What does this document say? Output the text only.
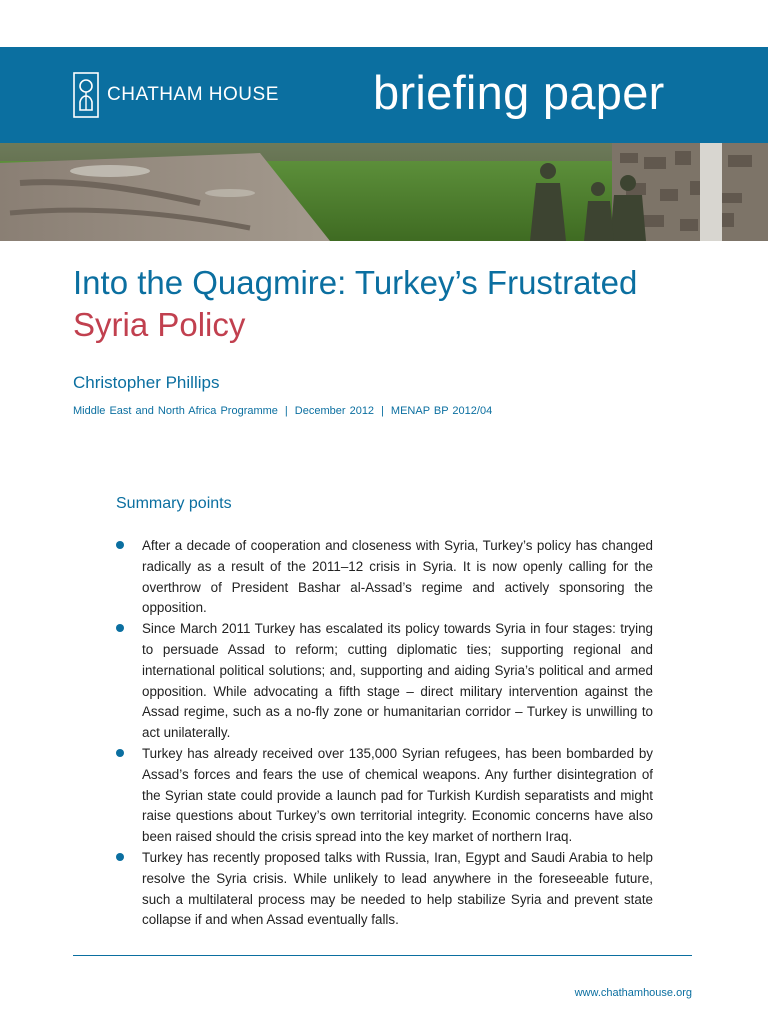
CHATHAM HOUSE briefing paper
Into the Quagmire: Turkey’s Frustrated Syria Policy
Christopher Phillips
Middle East and North Africa Programme | December 2012 | MENAP BP 2012/04
Summary points
After a decade of cooperation and closeness with Syria, Turkey’s policy has changed radically as a result of the 2011–12 crisis in Syria. It is now openly calling for the overthrow of President Bashar al-Assad’s regime and actively sponsoring the opposition.
Since March 2011 Turkey has escalated its policy towards Syria in four stages: trying to persuade Assad to reform; cutting diplomatic ties; supporting regional and international political solutions; and, supporting and aiding Syria’s political and armed opposition. While advocating a fifth stage – direct military intervention against the Assad regime, such as a no-fly zone or humanitarian corridor – Turkey is unwilling to act unilaterally.
Turkey has already received over 135,000 Syrian refugees, has been bombarded by Assad’s forces and fears the use of chemical weapons. Any further disintegration of the Syrian state could provide a launch pad for Turkish Kurdish separatists and might raise questions about Turkey’s own territorial integrity. Economic concerns have also been raised should the crisis spread into the key market of northern Iraq.
Turkey has recently proposed talks with Russia, Iran, Egypt and Saudi Arabia to help resolve the Syria crisis. While unlikely to lead anywhere in the foreseeable future, such a multilateral process may be needed to help stabilize Syria and prevent state collapse if and when Assad eventually falls.
www.chathamhouse.org
